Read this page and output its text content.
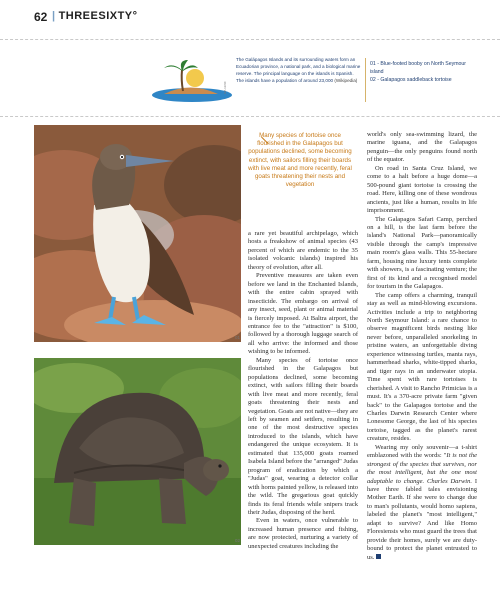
62 | THREESIXTY°
MA 11/60
The Galápagos Islands and its surrounding waters form an Ecuadorian province, a national park, and a biological marine reserve. The principal language on the islands is Spanish. The islands have a population of around 23,000 (Wikipedia)
01 - Blue-footed booby on North Seymour island
02 - Galapagos saddleback tortoise
01
02
Many species of tortoise once flourished in the Galapagos but populations declined, some becoming extinct, with sailors filling their boards with live meat and more recently, feral goats threatening their nests and vegetation

a rare yet beautiful archipelago, which hosts a freakshow of animal species (43 percent of which are endemic to the 35 isolated volcanic islands) inspired his theory of evolution, after all.

Preventive measures are taken even before we land in the Enchanted Islands, with the entire cabin sprayed with insecticide. The embargo on arrival of any insect, seed, plant or animal material is fiercely imposed. At Baltra airport, the entrance fee to the "attraction" is $100, followed by a thorough luggage search of all who arrive: the informed and those wishing to be informed.

Many species of tortoise once flourished in the Galapagos but populations declined, some becoming extinct, with sailors filling their boards with live meat and more recently, feral goats threatening their nests and vegetation. Goats are not native—they are left by seamen and settlers, resulting in one of the most destructive species introduced to the islands, which have endangered the unique ecosystem. It is estimated that 135,000 goats roamed Isabela Island before the "arranged" Judas program of eradication by which a "Judas" goat, wearing a detector collar with horns painted yellow, is released into the wild. The gregarious goat quickly finds its feral friends while snipers track their Judas, disposing of the herd.

Even in waters, once vulnerable to increased human presence and fishing, are now protected, nurturing a variety of unexpected creatures including the

world's only sea-swimming lizard, the marine iguana, and the Galapagos penguin—the only penguins found north of the equator.

On road in Santa Cruz Island, we come to a halt before a huge dome—a 500-pound giant tortoise is crossing the road. Here, killing one of these wondrous ancients, just like a human, results in life imprisonment.

The Galapagos Safari Camp, perched on a hill, is the last farm before the island's National Park—panoramically visible through the camp's impressive main room's glass walls. This 55-hectare farm, housing nine luxury tents complete with showers, is a fascinating venture; the first of its kind and a recognised model for tourism in the Galapagos.

The camp offers a charming, tranquil stay as well as mind-blowing excursions. Activities include a trip to neighboring North Seymour Island: a rare chance to observe magnificent birds nesting like never before, unparalleled snorkeling in pristine waters, an unforgettable diving experience witnessing turtles, manta rays, hammerhead sharks, white-tipped sharks, and tiger rays in an underwater utopia. Time spent with rare tortoises is cherished. A visit to Rancho Primicias is a must. It's a 370-acre private farm "given back" to the Galapagos tortoise and the Charles Darwin Research Center where Lonesome George, the last of his species tortoise, tagged as the planet's rarest creature, resides.

Wearing my only souvenir—a t-shirt emblazoned with the words: "It is not the strongest of the species that survives, nor the most intelligent, but the one most adaptable to change. Charles Darwin. I have three fabled tales envisioning Mother Earth. If she were to change due to man's pollutants, would homo sapiens, labeled the planet's "most intelligent," adapt to survive? And like Homo Floresiensis who must guard the trees that provide their homes, surely we are duty-bound to protect the planet entrusted to us.
